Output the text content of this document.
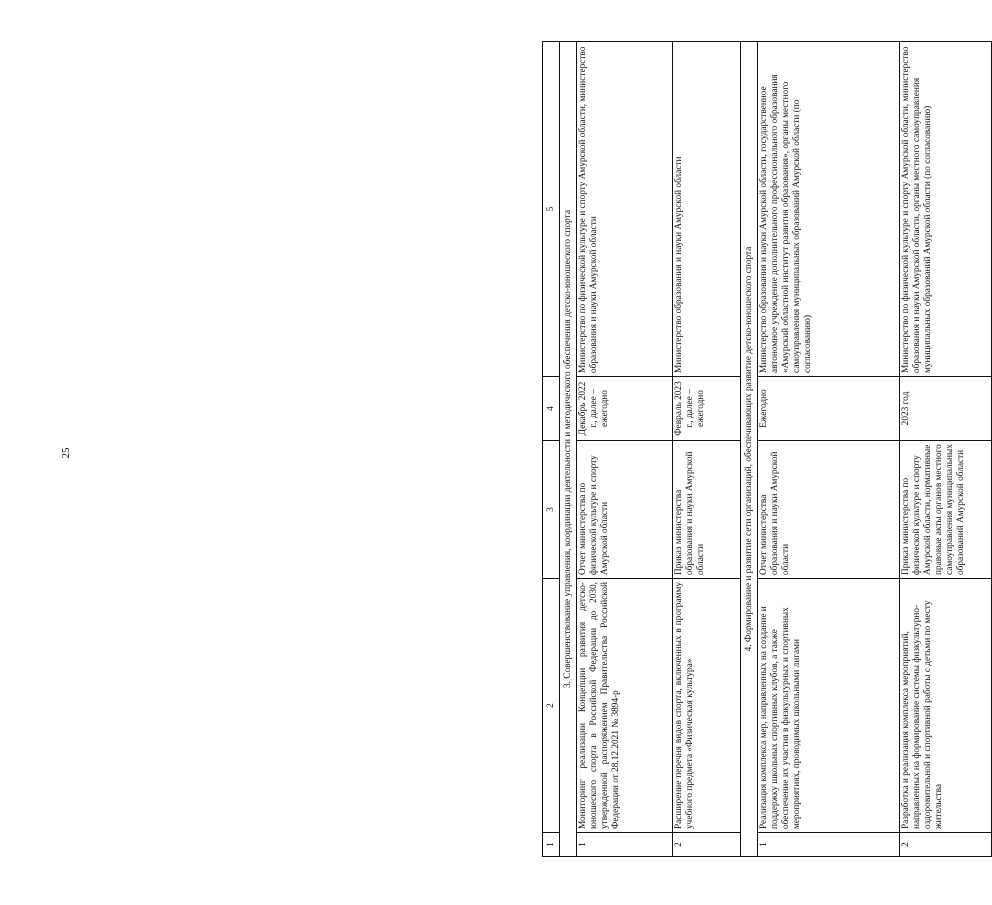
25
1	2	3	4	5
3. Совершенствование управления, координации деятельности и методического обеспечения детско-юношеского спорта				
1	Мониторинг реализации Концепции развития детско-юношеского спорта в Российской Федерации до 2030, утвержденной распоряжением Правительства Российской Федерации от 28.12.2021 № 3894-р	Отчет министерства по физической культуре и спорту Амурской области	Декабрь 2022 г., далее – ежегодно	Министерство по физической культуре и спорту Амурской области, министерство образования и науки Амурской области
2	Расширение перечня видов спорта, включенных в программу учебного предмета «Физическая культура»	Приказ министерства образования и науки Амурской области	Февраль 2023 г., далее – ежегодно	Министерство образования и науки Амурской области
4. Формирование и развитие сети организаций, обеспечивающих развитие детско-юношеского спорта				
1	Реализация комплекса мер, направленных на создание и поддержку школьных спортивных клубов, а также обеспечение их участия в физкультурных и спортивных мероприятиях, проводимых школьными лигами	Отчет министерства образования и науки Амурской области	Ежегодно	Министерство образования и науки Амурской области, государственное автономное учреждение дополнительного профессионального образования «Амурский областной институт развития образования», органы местного самоуправления муниципальных образований Амурской области (по согласованию)
2	Разработка и реализация комплекса мероприятий, направленных на формирование системы физкультурно-оздоровительной и спортивной работы с детьми по месту жительства	Приказ министерства по физической культуре и спорту Амурской области, нормативные правовые акты органов местного самоуправления муниципальных образований Амурской области	2023 год	Министерство по физической культуре и спорту Амурской области, министерство образования и науки Амурской области, органы местного самоуправления муниципальных образований Амурской области (по согласованию)
